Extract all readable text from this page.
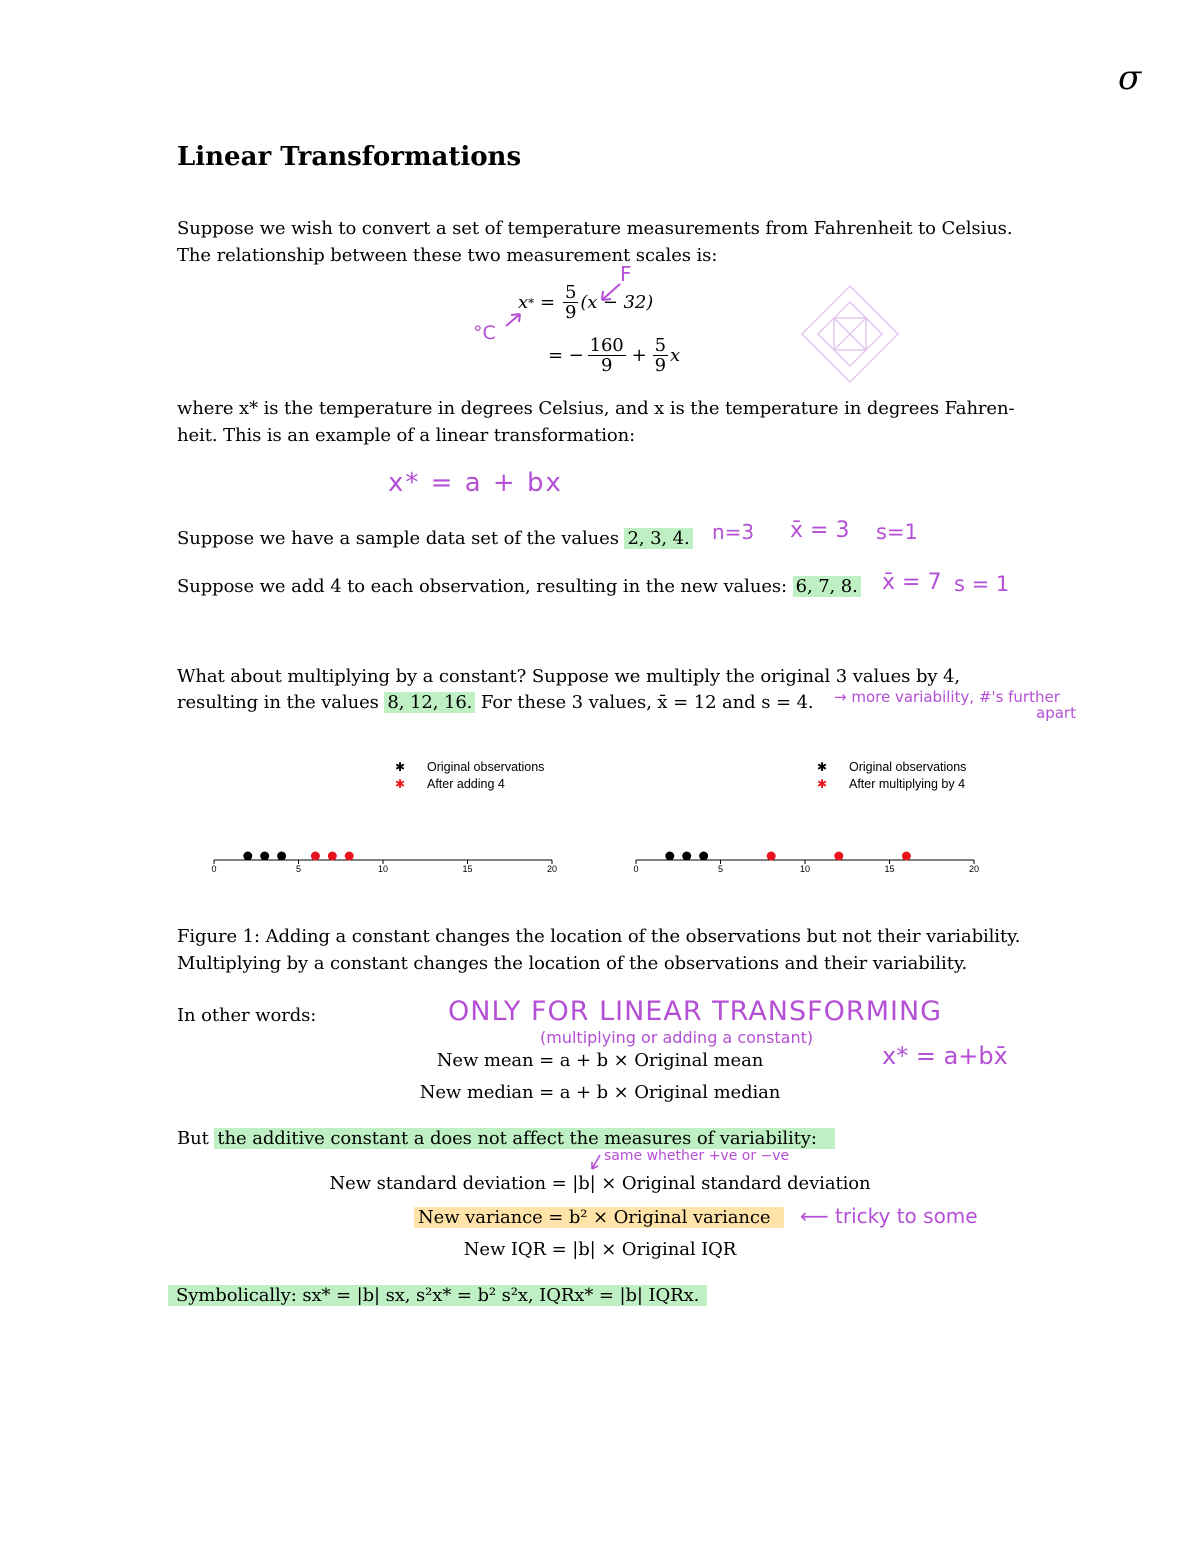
σ
Linear Transformations
Suppose we wish to convert a set of temperature measurements from Fahrenheit to Celsius.
The relationship between these two measurement scales is:
x * = $\frac{5}{9} (x - 32)$
= − $\frac{160}{9} + \frac{5}{9}$ x
F
°C
where x* is the temperature in degrees Celsius, and x is the temperature in degrees Fahren-
heit. This is an example of a linear transformation:
x* = a + bx
Suppose we have a sample data set of the values 2, 3, 4. n=3 x̄ = 3 s=1
Suppose we add 4 to each observation, resulting in the new values: 6, 7, 8. x̄ = 7 s = 1
What about multiplying by a constant? Suppose we multiply the original 3 values by 4,
resulting in the values 8, 12, 16. For these 3 values, x̄ = 12 and s = 4. → more variability, #'s further
apart
0	5	10	15	20
✱ Original observations
✱ After adding 4
✱ ✱ ✱	✱ ✱ ✱
0	5	10	15	20
✱ Original observations
✱ After multiplying by 4
✱ ✱ ✱	✱	✱	✱
Figure 1: Adding a constant changes the location of the observations but not their variability.
Multiplying by a constant changes the location of the observations and their variability.
In other words:	ONLY FOR LINEAR TRANSFORMING
(multiplying or adding a constant)
x* = a+bx̄
New mean = a + b × Original mean
New median = a + b × Original median
But the additive constant a does not affect the measures of variability:
same whether +ve or −ve
New standard deviation = |b| × Original standard deviation
New variance = b² × Original variance	⟵ tricky to some
New IQR = |b| × Original IQR
Symbolically: sx* = |b| sx, s²x* = b² s²x, IQRx* = |b| IQRx.
